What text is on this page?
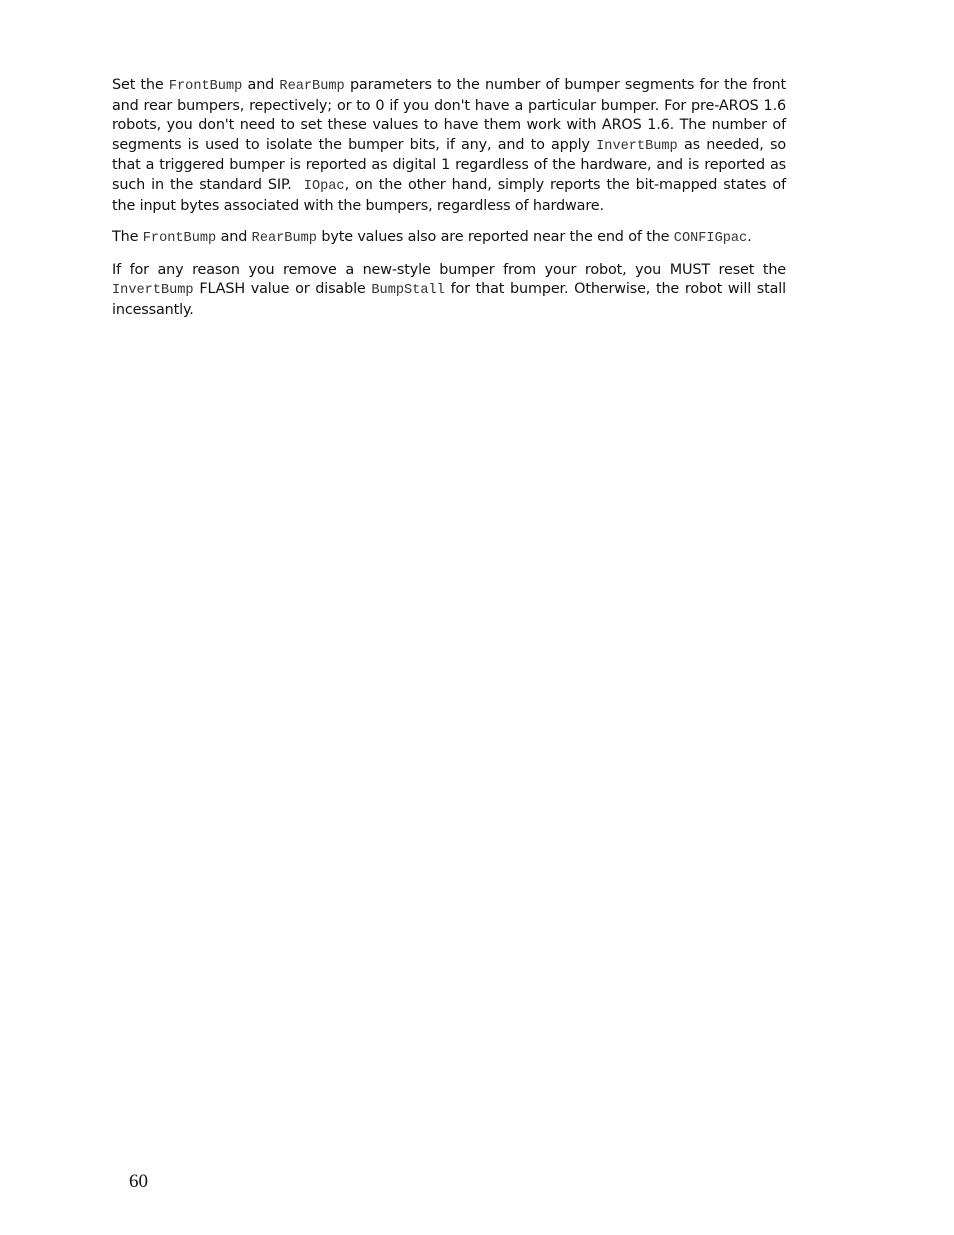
Set the FrontBump and RearBump parameters to the number of bumper segments for the front and rear bumpers, repectively; or to 0 if you don't have a particular bumper. For pre-AROS 1.6 robots, you don't need to set these values to have them work with AROS 1.6. The number of segments is used to isolate the bumper bits, if any, and to apply InvertBump as needed, so that a triggered bumper is reported as digital 1 regardless of the hardware, and is reported as such in the standard SIP.  IOpac, on the other hand, simply reports the bit-mapped states of the input bytes associated with the bumpers, regardless of hardware.

The FrontBump and RearBump byte values also are reported near the end of the CONFIGpac.

If for any reason you remove a new-style bumper from your robot, you MUST reset the InvertBump FLASH value or disable BumpStall for that bumper. Otherwise, the robot will stall incessantly.

60
